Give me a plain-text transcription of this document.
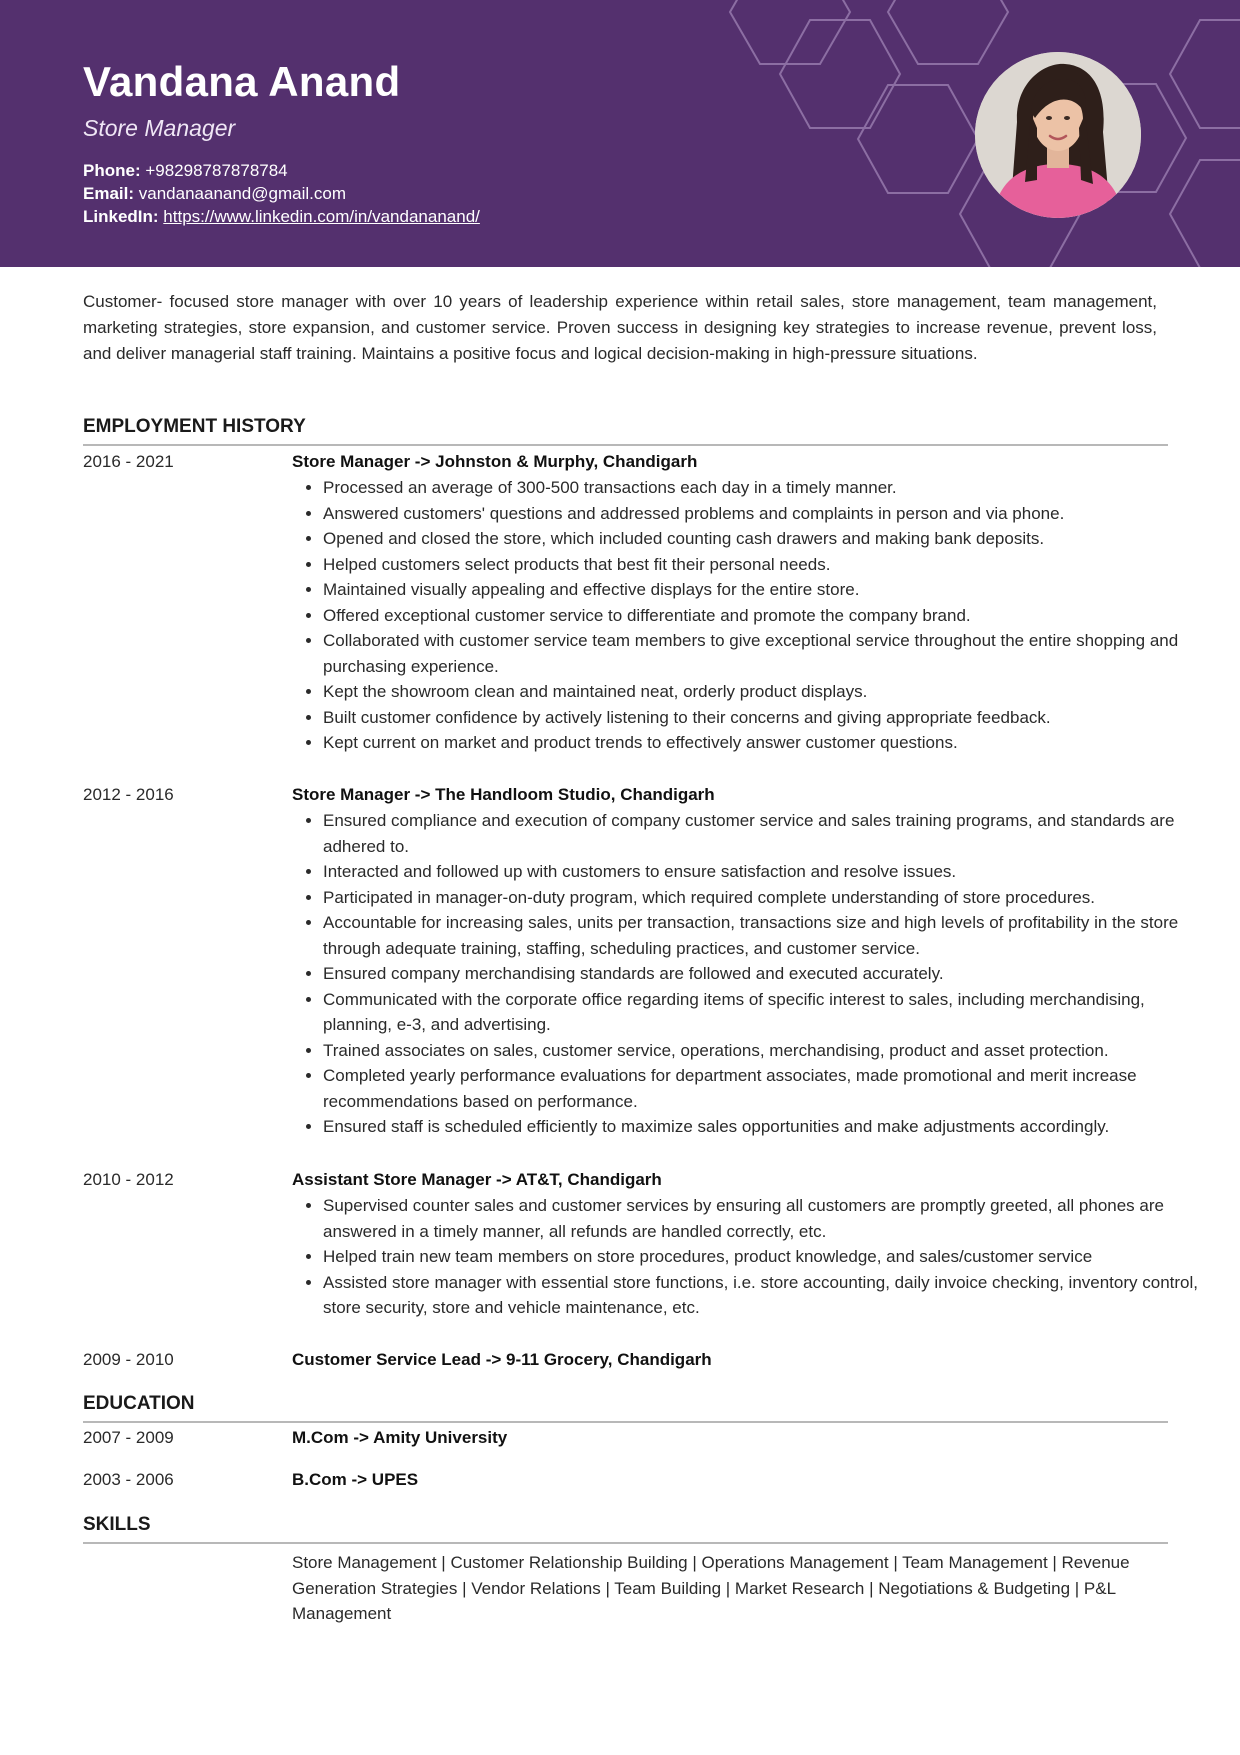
Vandana Anand
Store Manager
Phone: +98298787878784
Email: vandanaanand@gmail.com
LinkedIn: https://www.linkedin.com/in/vandananand/
Customer- focused store manager with over 10 years of leadership experience within retail sales, store management, team management, marketing strategies, store expansion, and customer service. Proven success in designing key strategies to increase revenue, prevent loss, and deliver managerial staff training. Maintains a positive focus and logical decision-making in high-pressure situations.
EMPLOYMENT HISTORY
2016 - 2021	Store Manager -> Johnston & Murphy, Chandigarh
• Processed an average of 300-500 transactions each day in a timely manner.
• Answered customers' questions and addressed problems and complaints in person and via phone.
• Opened and closed the store, which included counting cash drawers and making bank deposits.
• Helped customers select products that best fit their personal needs.
• Maintained visually appealing and effective displays for the entire store.
• Offered exceptional customer service to differentiate and promote the company brand.
• Collaborated with customer service team members to give exceptional service throughout the entire shopping and purchasing experience.
• Kept the showroom clean and maintained neat, orderly product displays.
• Built customer confidence by actively listening to their concerns and giving appropriate feedback.
• Kept current on market and product trends to effectively answer customer questions.
2012 - 2016	Store Manager -> The Handloom Studio, Chandigarh
• Ensured compliance and execution of company customer service and sales training programs, and standards are adhered to.
• Interacted and followed up with customers to ensure satisfaction and resolve issues.
• Participated in manager-on-duty program, which required complete understanding of store procedures.
• Accountable for increasing sales, units per transaction, transactions size and high levels of profitability in the store through adequate training, staffing, scheduling practices, and customer service.
• Ensured company merchandising standards are followed and executed accurately.
• Communicated with the corporate office regarding items of specific interest to sales, including merchandising, planning, e-3, and advertising.
• Trained associates on sales, customer service, operations, merchandising, product and asset protection.
• Completed yearly performance evaluations for department associates, made promotional and merit increase recommendations based on performance.
• Ensured staff is scheduled efficiently to maximize sales opportunities and make adjustments accordingly.
2010 - 2012	Assistant Store Manager -> AT&T, Chandigarh
• Supervised counter sales and customer services by ensuring all customers are promptly greeted, all phones are answered in a timely manner, all refunds are handled correctly, etc.
• Helped train new team members on store procedures, product knowledge, and sales/customer service
• Assisted store manager with essential store functions, i.e. store accounting, daily invoice checking, inventory control, store security, store and vehicle maintenance, etc.
2009 - 2010	Customer Service Lead -> 9-11 Grocery, Chandigarh
EDUCATION
2007 - 2009	M.Com -> Amity University
2003 - 2006	B.Com -> UPES
SKILLS
Store Management | Customer Relationship Building | Operations Management | Team Management | Revenue Generation Strategies | Vendor Relations | Team Building | Market Research | Negotiations & Budgeting | P&L Management
